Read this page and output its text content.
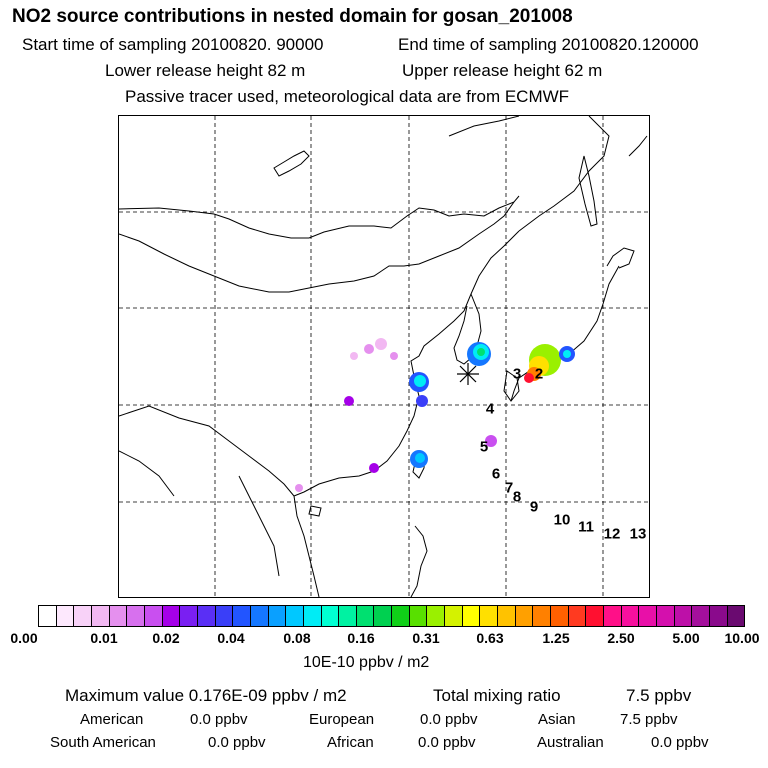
NO2 source contributions in nested domain for gosan_201008
Start time of sampling 20100820. 90000	End time of sampling 20100820.120000
Lower release height 82 m	Upper release height 62 m
Passive tracer used, meteorological data are from ECMWF
2
3
4
5
6
7
8
9
10 11 12 13
0.00	0.01 0.02	0.04	0.08	0.16	0.31	0.63	1.25	2.50	5.00 10.00
10E-10 ppbv / m2
Maximum value 0.176E-09 ppbv / m2	Total mixing ratio	7.5 ppbv
American	0.0 ppbv	European	0.0 ppbv	Asian	7.5 ppbv
South American	0.0 ppbv	African	0.0 ppbv	Australian	0.0 ppbv
